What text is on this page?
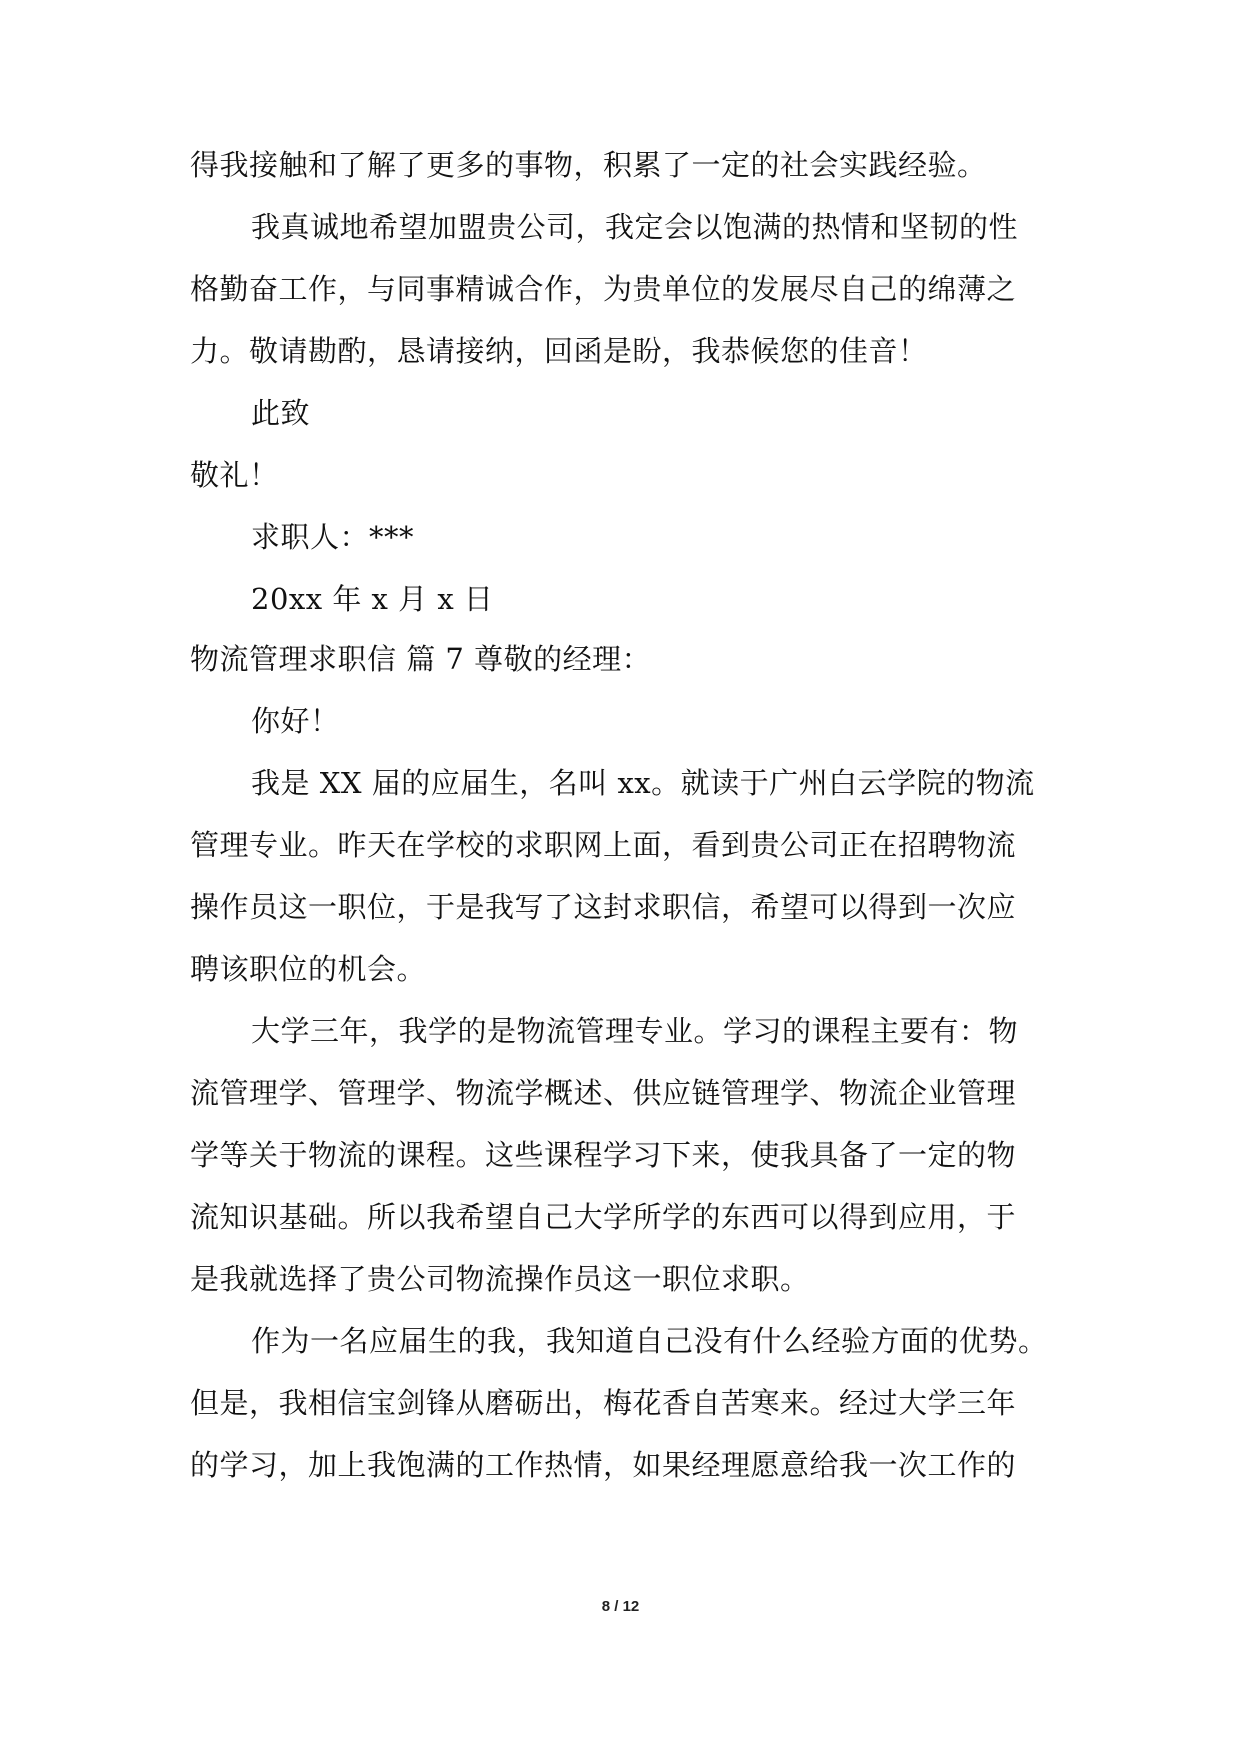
得我接触和了解了更多的事物，积累了一定的社会实践经验。
我真诚地希望加盟贵公司，我定会以饱满的热情和坚韧的性
格勤奋工作，与同事精诚合作，为贵单位的发展尽自己的绵薄之
力。敬请勘酌，恳请接纳，回函是盼，我恭候您的佳音！
此致
敬礼！
求职人：***
20xx 年 x 月 x 日
物流管理求职信 篇 7 尊敬的经理：
你好！
我是 XX 届的应届生，名叫 xx。就读于广州白云学院的物流
管理专业。昨天在学校的求职网上面，看到贵公司正在招聘物流
操作员这一职位，于是我写了这封求职信，希望可以得到一次应
聘该职位的机会。
大学三年，我学的是物流管理专业。学习的课程主要有：物
流管理学、管理学、物流学概述、供应链管理学、物流企业管理
学等关于物流的课程。这些课程学习下来，使我具备了一定的物
流知识基础。所以我希望自己大学所学的东西可以得到应用，于
是我就选择了贵公司物流操作员这一职位求职。
作为一名应届生的我，我知道自己没有什么经验方面的优势。
但是，我相信宝剑锋从磨砺出，梅花香自苦寒来。经过大学三年
的学习，加上我饱满的工作热情，如果经理愿意给我一次工作的
8 / 12
